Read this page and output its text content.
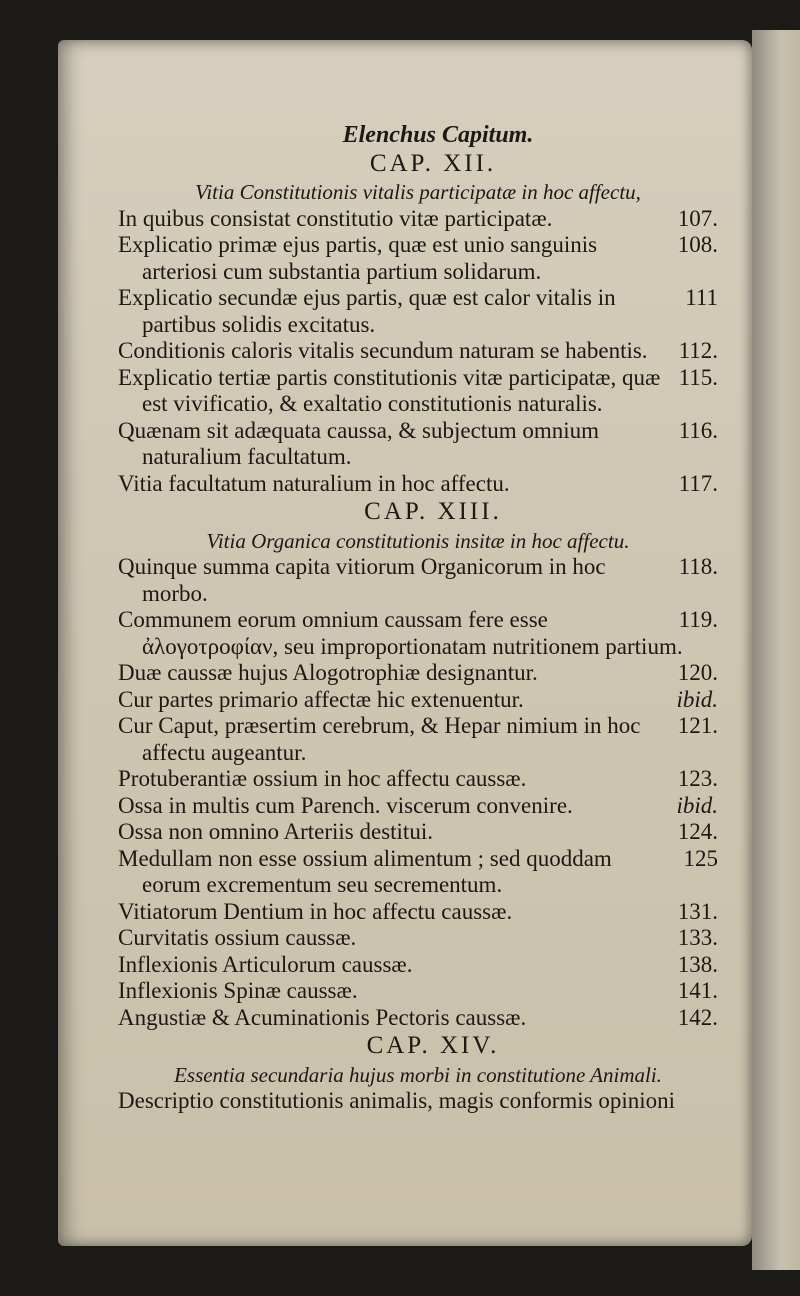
Elenchus Capitum.
CAP. XII.
Vitia Constitutionis vitalis participatæ in hoc affectu,
107.
In quibus consistat constitutio vitæ participatæ.
108.
Explicatio primæ ejus partis, quæ est unio sanguinis arteriosi cum substantia partium solidarum.
111
Explicatio secundæ ejus partis, quæ est calor vitalis in partibus solidis excitatus.
112.
Conditionis caloris vitalis secundum naturam se habentis.
115.
Explicatio tertiæ partis constitutionis vitæ participatæ, quæ est vivificatio, & exaltatio constitutionis naturalis.
116.
Quænam sit adæquata caussa, & subjectum omnium naturalium facultatum.
117.
Vitia facultatum naturalium in hoc affectu.
CAP. XIII.
Vitia Organica constitutionis insitæ in hoc affectu.
118.
Quinque summa capita vitiorum Organicorum in hoc morbo.
119.
Communem eorum omnium caussam fere esse ἀλογοτροφίαν, seu improportionatam nutritionem partium.
120.
Duæ caussæ hujus Alogotrophiæ designantur.
ibid.
Cur partes primario affectæ hic extenuentur.
121.
Cur Caput, præsertim cerebrum, & Hepar nimium in hoc affectu augeantur.
123.
Protuberantiæ ossium in hoc affectu caussæ.
ibid.
Ossa in multis cum Parench. viscerum convenire.
124.
Ossa non omnino Arteriis destitui.
125
Medullam non esse ossium alimentum ; sed quoddam eorum excrementum seu secrementum.
131.
Vitiatorum Dentium in hoc affectu caussæ.
133.
Curvitatis ossium caussæ.
138.
Inflexionis Articulorum caussæ.
141.
Inflexionis Spinæ caussæ.
142.
Angustiæ & Acuminationis Pectoris caussæ.
CAP. XIV.
Essentia secundaria hujus morbi in constitutione Animali.
Descriptio constitutionis animalis, magis conformis opinioni
